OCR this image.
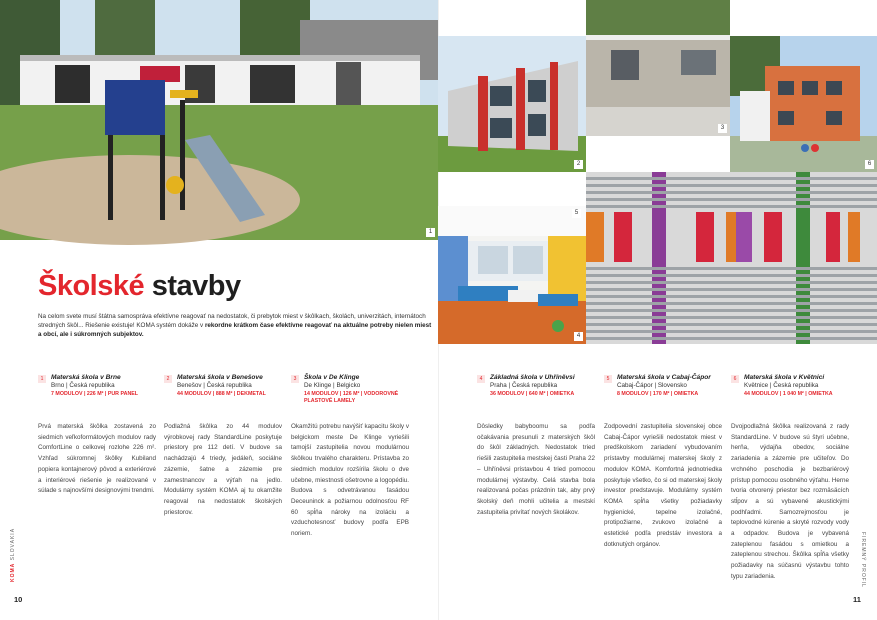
1
2
3
6
4
5
Školské stavby
Na celom svete musí štátna samospráva efektívne reagovať na nedostatok, či prebytok miest v škôlkach, školách, univerzitách, internátoch stredných škôl... Riešenie existuje! KOMA systém dokáže v rekordne krátkom čase efektívne reagovať na aktuálne potreby nielen miest a obcí, ale i súkromných subjektov.
1	Materská škola v Brne
Brno | Česká republika
7 MODULOV | 226 M² | PUR PANEL
Prvá materská škôlka zostavená zo siedmich veľkoformátových modulov rady ComfortLine o celkovej rozlohe 226 m². Vzhľad súkromnej škôlky Kubiland popiera kontajnerový pôvod a exteriérové a interiérové riešenie je realizované v súlade s najnovšími designovými trendmi.
2	Materská škola v Benešove
Benešov | Česká republika
44 MODULOV | 888 M² | DEKMETAL
Podlažná škôlka zo 44 modulov výrobkovej rady StandardLine poskytuje priestory pre 112 detí. V budove sa nachádzajú 4 triedy, jedáleň, sociálne zázemie, šatne a zázemie pre zamestnancov a výťah na jedlo. Modulárny systém KOMA aj tu okamžite reagoval na nedostatok školských priestorov.
3	Škola v De Klinge
De Klinge | Belgicko
14 MODULOV | 126 M² | VODOROVNÉ PLASTOVÉ LAMELY
Okamžitú potrebu navýšiť kapacitu školy v belgickom meste De Klinge vyriešili tamojší zastupitelia novou modulárnou škôlkou trvalého charakteru. Prístavba zo siedmich modulov rozšírila školu o dve učebne, miestnosti ošetrovne a logopédiu. Budova s odvetrávanou fasádou Deceuninck a požiarnou odolnosťou RF 60 spĺňa nároky na izoláciu a vzduchotesnosť budovy podľa EPB noriem.
4	Základná škola v Uhříněvsi
Praha | Česká republika
36 MODULOV | 640 M² | OMIETKA
Dôsledky babyboomu sa podľa očakávania presunuli z materských škôl do škôl základných. Nedostatok tried riešili zastupitelia mestskej časti Praha 22 – Uhříněvsi prístavbou 4 tried pomocou modulárnej výstavby. Celá stavba bola realizovaná počas prázdnin tak, aby prvý školský deň mohli učitelia a mestskí zastupitelia privítať nových školákov.
5	Materská škola v Cabaj-Čápor
Cabaj-Čápor | Slovensko
8 MODULOV | 170 M² | OMIETKA
Zodpovední zastupitelia slovenskej obce Cabaj-Čápor vyriešili nedostatok miest v predškolskom zariadení vybudovaním prístavby modulárnej materskej školy z modulov KOMA. Komfortná jednotriedka poskytuje všetko, čo si od materskej školy investor predstavuje. Modulárny systém KOMA spĺňa všetky požiadavky hygienické, tepelne izolačné, protipožiarne, zvukovo izolačné a estetické podľa predstáv investora a dotknutých orgánov.
6	Materská škola v Květnici
Květnice | Česká republika
44 MODULOV | 1 040 M² | OMIETKA
Dvojpodlažná škôlka realizovaná z rady StandardLine. V budove sú štyri učebne, herňa, výdajňa obedov, sociálne zariadenia a zázemie pre učiteľov. Do vrchného poschodia je bezbariérový prístup pomocou osobného výťahu. Herne tvoria otvorený priestor bez rozmäsäcích stĺpov a sú vybavené akustickými podhľadmi. Samozrejmosťou je teplovodné kúrenie a skryté rozvody vody a odpadov. Budova je vybavená zateplenou fasádou s omietkou a zateplenou strechou. Škôlka spĺňa všetky požiadavky na súčasnú výstavbu tohto typu zariadenia.
10	11
KOMA SLOVAKIA	FIREMNÝ PROFIL
